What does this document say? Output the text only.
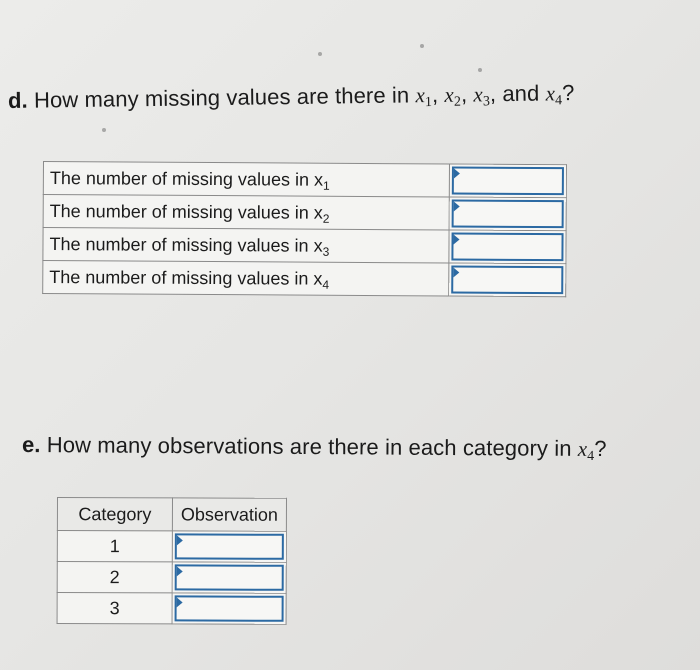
d. How many missing values are there in $x_1$, $x_2$, $x_3$, and $x_4$?
The number of missing values in $x_1$	

The number of missing values in $x_2$	

The number of missing values in $x_3$	

The number of missing values in $x_4$	
e. How many observations are there in each category in $x_4$?
Category	Observation
1	

2	

3	
